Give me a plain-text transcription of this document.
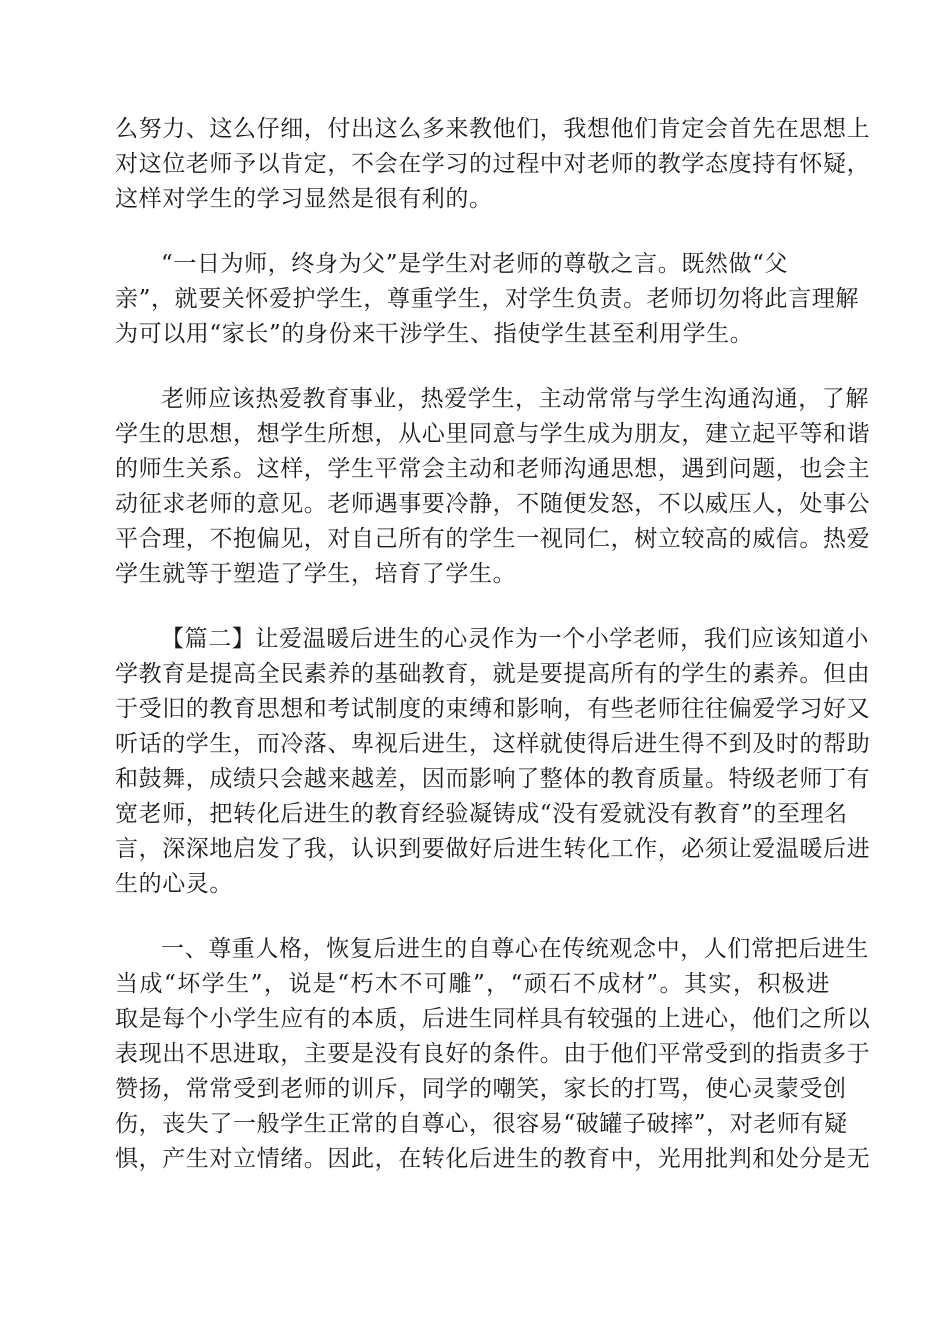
么努力、这么仔细，付出这么多来教他们，我想他们肯定会首先在思想上
对这位老师予以肯定，不会在学习的过程中对老师的教学态度持有怀疑，
这样对学生的学习显然是很有利的。
“一日为师，终身为父”是学生对老师的尊敬之言。既然做“父
亲”，就要关怀爱护学生，尊重学生，对学生负责。老师切勿将此言理解
为可以用“家长”的身份来干涉学生、指使学生甚至利用学生。
老师应该热爱教育事业，热爱学生，主动常常与学生沟通沟通，了解
学生的思想，想学生所想，从心里同意与学生成为朋友，建立起平等和谐
的师生关系。这样，学生平常会主动和老师沟通思想，遇到问题，也会主
动征求老师的意见。老师遇事要冷静，不随便发怒，不以威压人，处事公
平合理，不抱偏见，对自己所有的学生一视同仁，树立较高的威信。热爱
学生就等于塑造了学生，培育了学生。
【篇二】让爱温暖后进生的心灵作为一个小学老师，我们应该知道小
学教育是提高全民素养的基础教育，就是要提高所有的学生的素养。但由
于受旧的教育思想和考试制度的束缚和影响，有些老师往往偏爱学习好又
听话的学生，而冷落、卑视后进生，这样就使得后进生得不到及时的帮助
和鼓舞，成绩只会越来越差，因而影响了整体的教育质量。特级老师丁有
宽老师，把转化后进生的教育经验凝铸成“没有爱就没有教育”的至理名
言，深深地启发了我，认识到要做好后进生转化工作，必须让爱温暖后进
生的心灵。
一、尊重人格，恢复后进生的自尊心在传统观念中，人们常把后进生
当成“坏学生”，说是“朽木不可雕”，“顽石不成材”。其实，积极进
取是每个小学生应有的本质，后进生同样具有较强的上进心，他们之所以
表现出不思进取，主要是没有良好的条件。由于他们平常受到的指责多于
赞扬，常常受到老师的训斥，同学的嘲笑，家长的打骂，使心灵蒙受创
伤，丧失了一般学生正常的自尊心，很容易“破罐子破摔”，对老师有疑
惧，产生对立情绪。因此，在转化后进生的教育中，光用批判和处分是无
